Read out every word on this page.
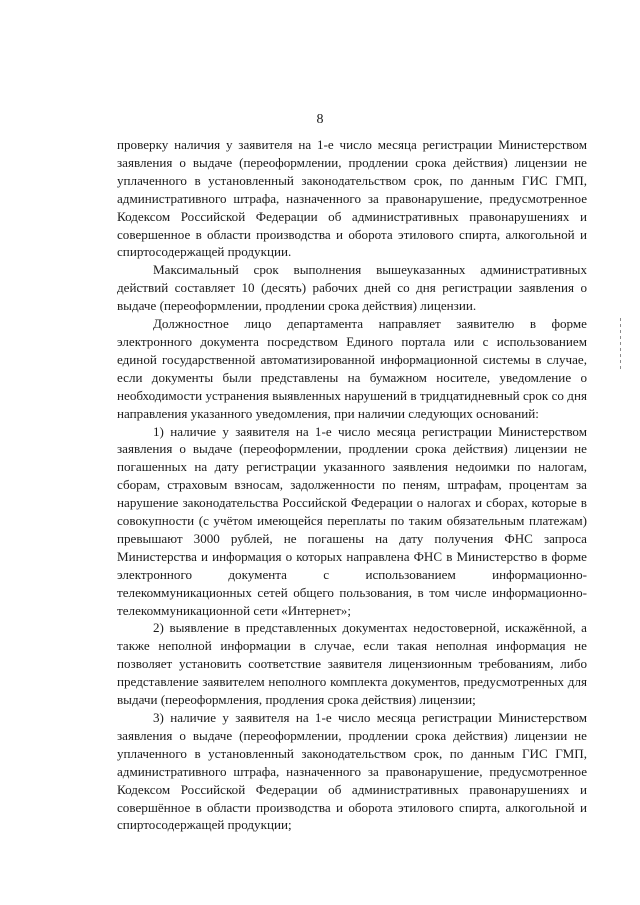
8

проверку наличия у заявителя на 1-е число месяца регистрации Министерством заявления о выдаче (переоформлении, продлении срока действия) лицензии не уплаченного в установленный законодательством срок, по данным ГИС ГМП, административного штрафа, назначенного за правонарушение, предусмотренное Кодексом Российской Федерации об административных правонарушениях и совершенное в области производства и оборота этилового спирта, алкогольной и спиртосодержащей продукции.

Максимальный срок выполнения вышеуказанных административных действий составляет 10 (десять) рабочих дней со дня регистрации заявления о выдаче (переоформлении, продлении срока действия) лицензии.

Должностное лицо департамента направляет заявителю в форме электронного документа посредством Единого портала или с использованием единой государственной автоматизированной информационной системы в случае, если документы были представлены на бумажном носителе, уведомление о необходимости устранения выявленных нарушений в тридцатидневный срок со дня направления указанного уведомления, при наличии следующих оснований:

1) наличие у заявителя на 1-е число месяца регистрации Министерством заявления о выдаче (переоформлении, продлении срока действия) лицензии не погашенных на дату регистрации указанного заявления недоимки по налогам, сборам, страховым взносам, задолженности по пеням, штрафам, процентам за нарушение законодательства Российской Федерации о налогах и сборах, которые в совокупности (с учётом имеющейся переплаты по таким обязательным платежам) превышают 3000 рублей, не погашены на дату получения ФНС запроса Министерства и информация о которых направлена ФНС в Министерство в форме электронного документа с использованием информационно-телекоммуникационных сетей общего пользования, в том числе информационно-телекоммуникационной сети «Интернет»;

2) выявление в представленных документах недостоверной, искажённой, а также неполной информации в случае, если такая неполная информация не позволяет установить соответствие заявителя лицензионным требованиям, либо представление заявителем неполного комплекта документов, предусмотренных для выдачи (переоформления, продления срока действия) лицензии;

3) наличие у заявителя на 1-е число месяца регистрации Министерством заявления о выдаче (переоформлении, продлении срока действия) лицензии не уплаченного в установленный законодательством срок, по данным ГИС ГМП, административного штрафа, назначенного за правонарушение, предусмотренное Кодексом Российской Федерации об административных правонарушениях и совершённое в области производства и оборота этилового спирта, алкогольной и спиртосодержащей продукции;
